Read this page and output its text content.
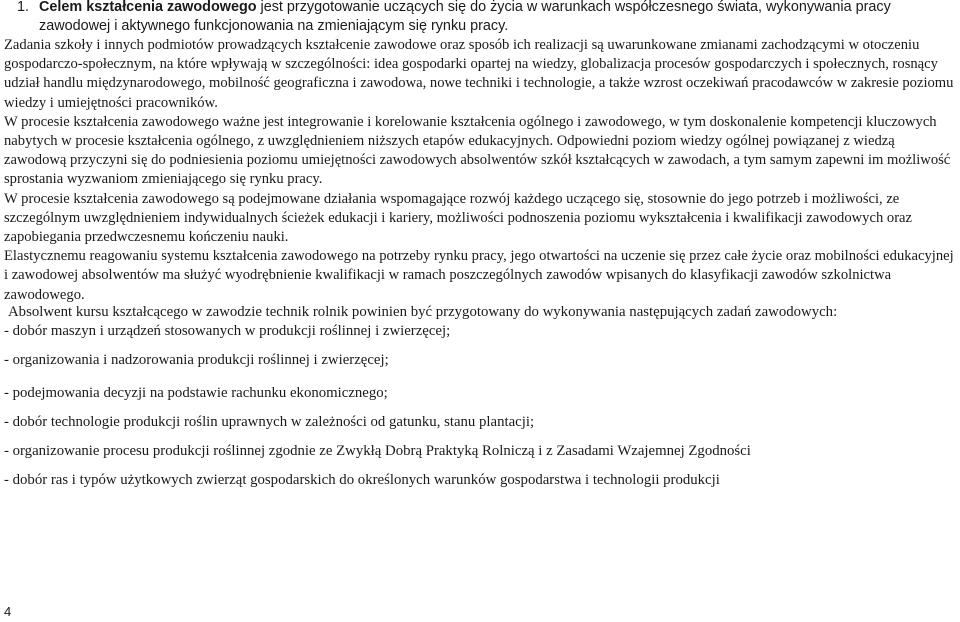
1. Celem kształcenia zawodowego jest przygotowanie uczących się do życia w warunkach współczesnego świata, wykonywania pracy zawodowej i aktywnego funkcjonowania na zmieniającym się rynku pracy.

Zadania szkoły i innych podmiotów prowadzących kształcenie zawodowe oraz sposób ich realizacji są uwarunkowane zmianami zachodzącymi w otoczeniu gospodarczo-społecznym, na które wpływają w szczególności: idea gospodarki opartej na wiedzy, globalizacja procesów gospodarczych i społecznych, rosnący udział handlu międzynarodowego, mobilność geograficzna i zawodowa, nowe techniki i technologie, a także wzrost oczekiwań pracodawców w zakresie poziomu wiedzy i umiejętności pracowników.

W procesie kształcenia zawodowego ważne jest integrowanie i korelowanie kształcenia ogólnego i zawodowego, w tym doskonalenie kompetencji kluczowych nabytych w procesie kształcenia ogólnego, z uwzględnieniem niższych etapów edukacyjnych. Odpowiedni poziom wiedzy ogólnej powiązanej z wiedzą zawodową przyczyni się do podniesienia poziomu umiejętności zawodowych absolwentów szkół kształcących w zawodach, a tym samym zapewni im możliwość sprostania wyzwaniom zmieniającego się rynku pracy.

W procesie kształcenia zawodowego są podejmowane działania wspomagające rozwój każdego uczącego się, stosownie do jego potrzeb i możliwości, ze szczególnym uwzględnieniem indywidualnych ścieżek edukacji i kariery, możliwości podnoszenia poziomu wykształcenia i kwalifikacji zawodowych oraz zapobiegania przedwczesnemu kończeniu nauki.

Elastycznemu reagowaniu systemu kształcenia zawodowego na potrzeby rynku pracy, jego otwartości na uczenie się przez całe życie oraz mobilności edukacyjnej i zawodowej absolwentów ma służyć wyodrębnienie kwalifikacji w ramach poszczególnych zawodów wpisanych do klasyfikacji zawodów szkolnictwa zawodowego.

Absolwent kursu kształcącego w zawodzie technik rolnik powinien być przygotowany do wykonywania następujących zadań zawodowych:

- dobór maszyn i urządzeń stosowanych w produkcji roślinnej i zwierzęcej;
- organizowania i nadzorowania produkcji roślinnej i zwierzęcej;
- podejmowania decyzji na podstawie rachunku ekonomicznego;
- dobór technologie produkcji roślin uprawnych w zależności od gatunku, stanu plantacji;
- organizowanie procesu produkcji roślinnej zgodnie ze Zwykłą Dobrą Praktyką Rolniczą i z Zasadami Wzajemnej Zgodności
- dobór ras i typów użytkowych zwierząt gospodarskich do określonych warunków gospodarstwa i technologii produkcji
4
